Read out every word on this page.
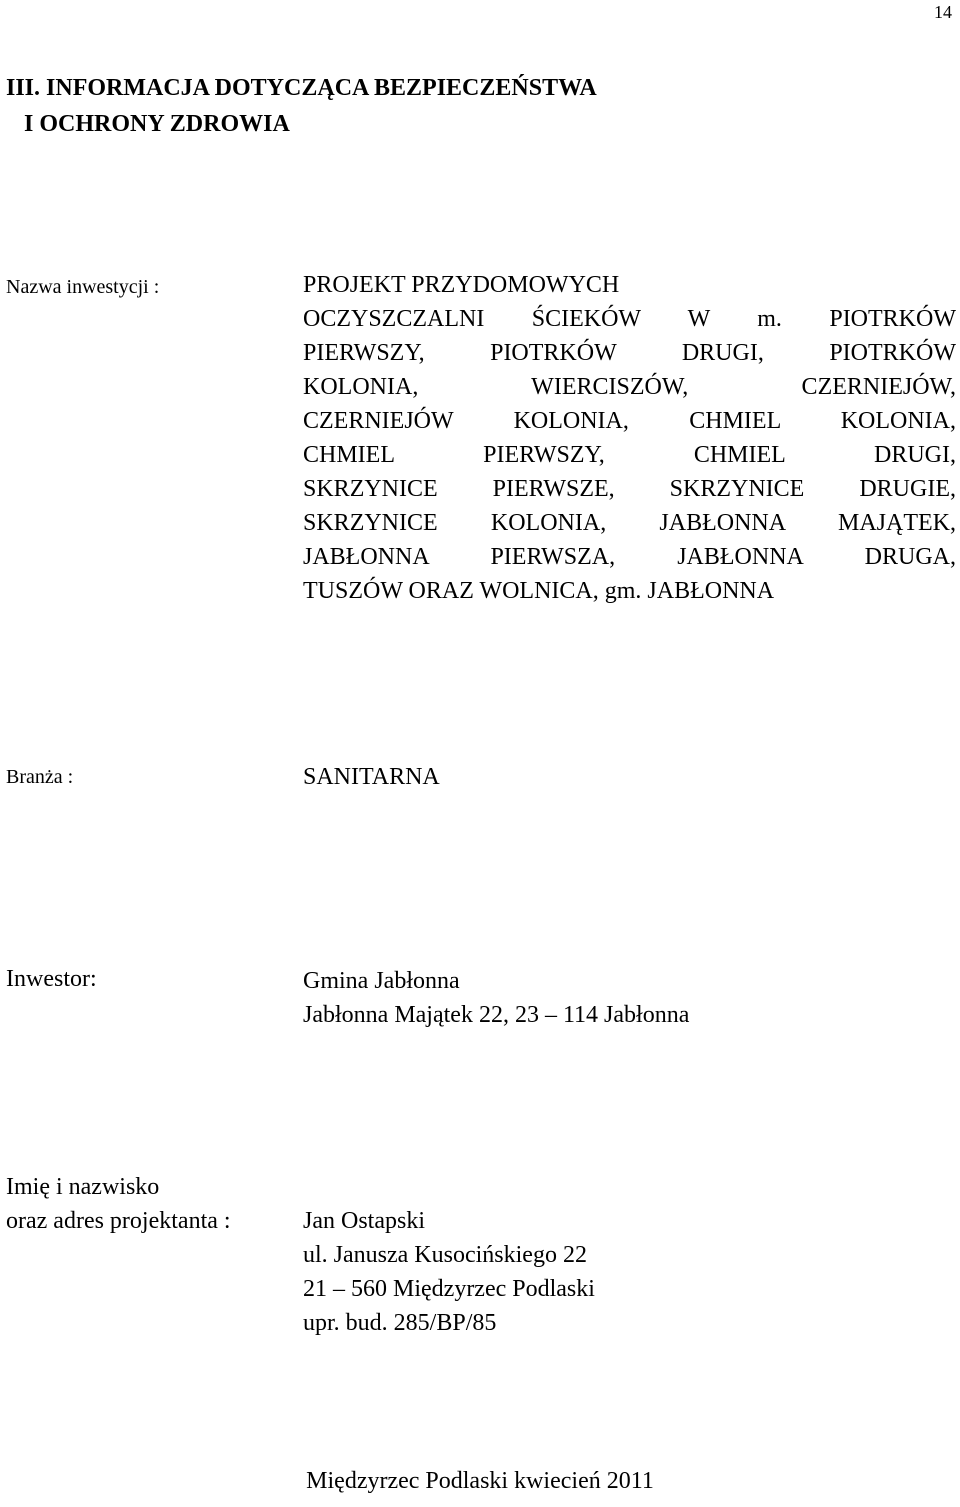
14
III. INFORMACJA DOTYCZĄCA BEZPIECZEŃSTWA
I OCHRONY ZDROWIA
Nazwa inwestycji :	PROJEKT PRZYDOMOWYCH
OCZYSZCZALNI ŚCIEKÓW W m. PIOTRKÓW
PIERWSZY, PIOTRKÓW DRUGI, PIOTRKÓW
KOLONIA, WIERCISZÓW, CZERNIEJÓW,
CZERNIEJÓW KOLONIA, CHMIEL KOLONIA,
CHMIEL PIERWSZY, CHMIEL DRUGI,
SKRZYNICE PIERWSZE, SKRZYNICE DRUGIE,
SKRZYNICE KOLONIA, JABŁONNA MAJĄTEK,
JABŁONNA PIERWSZA, JABŁONNA DRUGA,
TUSZÓW ORAZ WOLNICA, gm. JABŁONNA
Branża :	SANITARNA
Inwestor:	Gmina Jabłonna
Jabłonna Majątek 22, 23 – 114 Jabłonna
Imię i nazwisko
oraz adres projektanta :	Jan Ostapski
ul. Janusza Kusocińskiego 22
21 – 560 Międzyrzec Podlaski
upr. bud. 285/BP/85
Międzyrzec Podlaski kwiecień 2011
